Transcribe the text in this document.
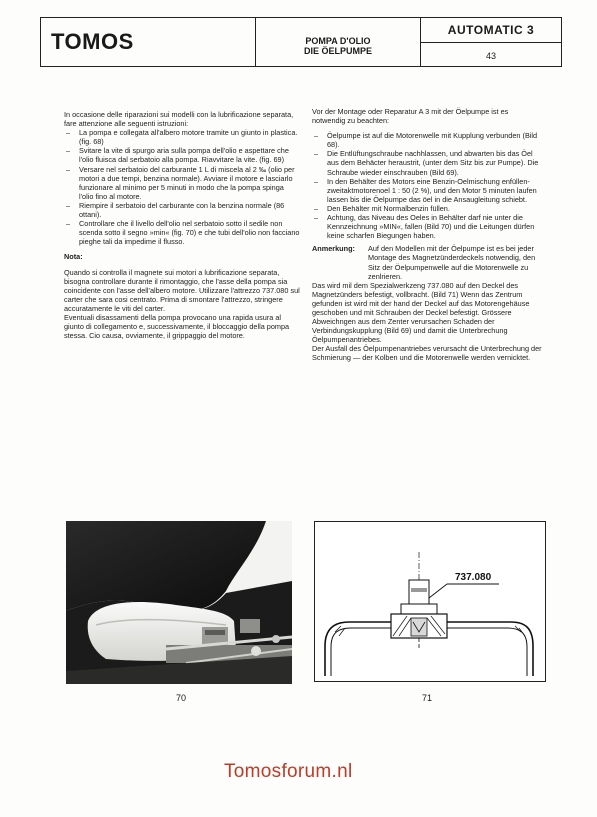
TOMOS	POMPA D'OLIO
DIE ÖELPUMPE
AUTOMATIC 3
43

In occasione delle riparazioni sui modelli con la lubrificazione separata, fare attenzione alle seguenti istruzioni:

– La pompa e collegata all'albero motore tramite un giunto in plastica. (fig. 68)
– Svitare la vite di spurgo aria sulla pompa dell'olio e aspettare che l'olio fluisca dal serbatoio alla pompa. Riavvitare la vite. (fig. 69)
– Versare nel serbatoio del carburante 1 L di miscela al 2 ‰ (olio per motori a due tempi, benzina normale). Avviare il motore e lasciarlo funzionare al minimo per 5 minuti in modo che la pompa spinga l'olio fino al motore.
– Riempire il serbatoio del carburante con la benzina normale (86 ottani).
– Controllare che il livello dell'olio nel serbatoio sotto il sedile non scenda sotto il segno »min« (fig. 70) e che tubi dell'olio non facciano pieghe tali da impedime il flusso.

Nota:

Quando si controlla il magnete sui motori a lubrificazione separata, bisogna controllare durante il rimontaggio, che l'asse della pompa sia coincidente con l'asse dell'albero motore. Utilizzare l'attrezzo 737.080 sul carter che sara cosi centrato. Prima di smontare l'attrezzo, stringere accuratamente le viti del carter.

Eventuali disassamenti della pompa provocano una rapida usura al giunto di collegamento e, successivamente, il bloccaggio della pompa stessa. Cio causa, ovviamente, il grippaggio del motore.

Vor der Montage oder Reparatur A 3 mit der Öelpumpe ist es notwendig zu beachten:

– Öelpumpe ist auf die Motorenwelle mit Kupplung verbunden (Bild 68).
– Die Entlüftungschraube nachhlassen, und abwarten bis das Öel aus dem Behäcter heraustrit, (unter dem Sitz bis zur Pumpe). Die Schraube wieder einschrauben (Bild 69).
– In den Behälter des Motors eine Benzin-Oelmischung enfüllen-zweitaktmotorenoel 1 : 50 (2 %), und den Motor 5 minuten laufen lassen bis die Öelpumpe das öel in die Ansaugleitung schiebt.
– Den Behälter mit Normalbenzin füllen.
– Achtung, das Niveau des Oeles in Behälter darf nie unter die Kennzeichnung »MIN«, fallen (Bild 70) und die Leitungen dürfen keine scharfen Biegungen haben.
Anmerkung:	Auf den Modellen mit der Öelpumpe ist es bei jeder Montage des Magnetzünderdeckels notwendig, den Sitz der Öelpumpenwelle auf die Motorenwelle zu zenlrieren.

Das wird mil dem Spezialwerkzeng 737.080 auf den Deckel des Magnetzünders befestigt, vollbracht. (Bild 71) Wenn das Zentrum gefunden ist wird mit der hand der Deckel auf das Motorengehäuse geschoben und mit Schrauben der Deckel befestigt. Grössere Abweichngen aus dem Zenter verursachen Schaden der Verbindungskupplung (Bild 69) und damit die Unterbrechung Öelpumpenantriebes.

Der Ausfall des Öelpumpenantriebes verursacht die Unterbrechung der Schmierung — der Kolben und die Motorenwelle werden vernicktet.

70
737.080
71
Tomosforum.nl
